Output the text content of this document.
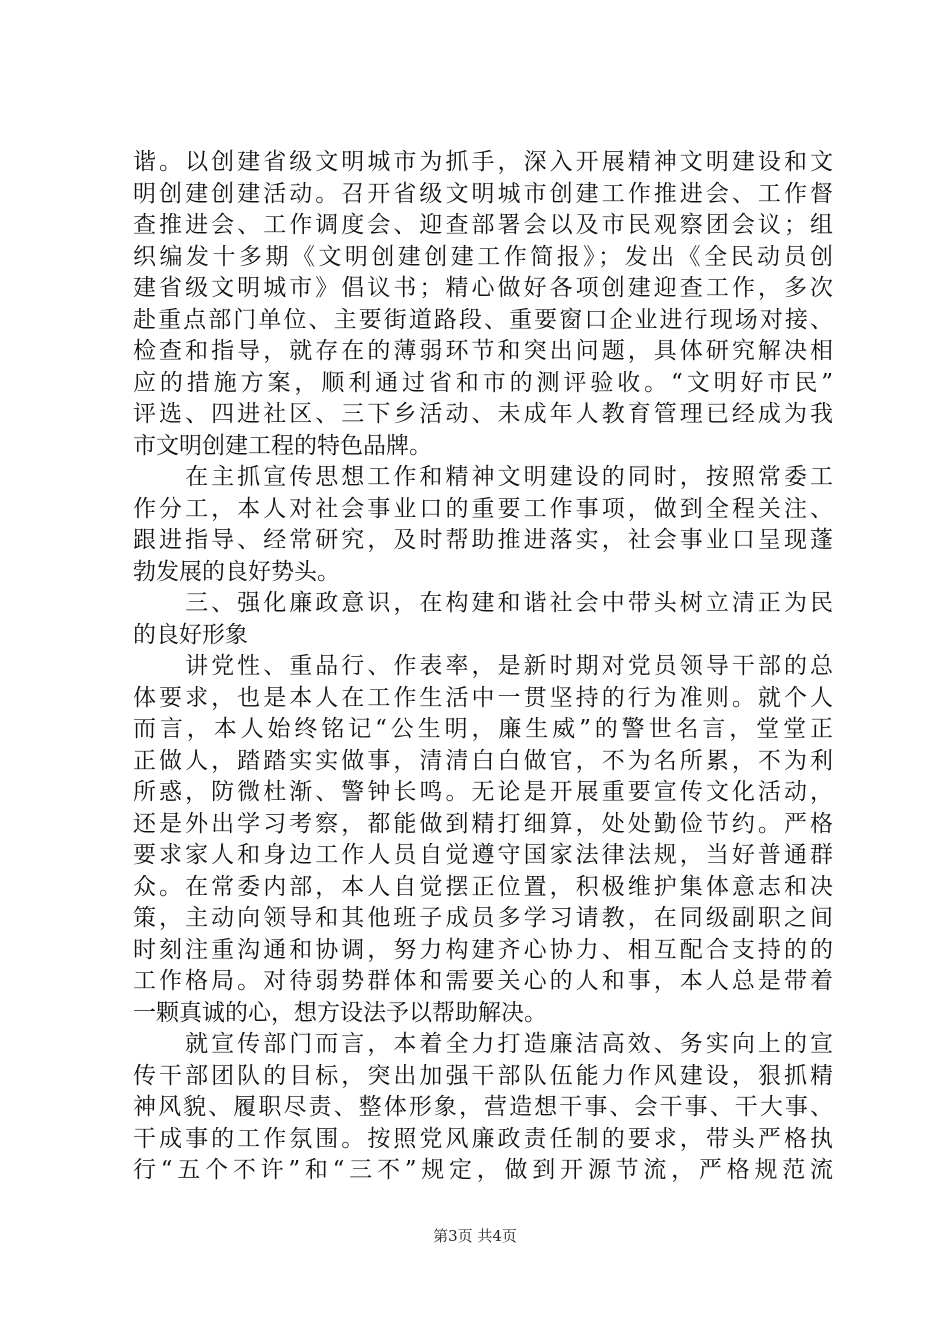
谐。以创建省级文明城市为抓手，深入开展精神文明建设和文
明创建创建活动。召开省级文明城市创建工作推进会、工作督
查推进会、工作调度会、迎查部署会以及市民观察团会议；组
织编发十多期《文明创建创建工作简报》；发出《全民动员创
建省级文明城市》倡议书；精心做好各项创建迎查工作，多次
赴重点部门单位、主要街道路段、重要窗口企业进行现场对接、
检查和指导，就存在的薄弱环节和突出问题，具体研究解决相
应的措施方案，顺利通过省和市的测评验收。“文明好市民”
评选、四进社区、三下乡活动、未成年人教育管理已经成为我
市文明创建工程的特色品牌。
　　在主抓宣传思想工作和精神文明建设的同时，按照常委工
作分工，本人对社会事业口的重要工作事项，做到全程关注、
跟进指导、经常研究，及时帮助推进落实，社会事业口呈现蓬
勃发展的良好势头。
　　三、强化廉政意识，在构建和谐社会中带头树立清正为民
的良好形象
　　讲党性、重品行、作表率，是新时期对党员领导干部的总
体要求，也是本人在工作生活中一贯坚持的行为准则。就个人
而言，本人始终铭记“公生明，廉生威”的警世名言，堂堂正
正做人，踏踏实实做事，清清白白做官，不为名所累，不为利
所惑，防微杜渐、警钟长鸣。无论是开展重要宣传文化活动，
还是外出学习考察，都能做到精打细算，处处勤俭节约。严格
要求家人和身边工作人员自觉遵守国家法律法规，当好普通群
众。在常委内部，本人自觉摆正位置，积极维护集体意志和决
策，主动向领导和其他班子成员多学习请教，在同级副职之间
时刻注重沟通和协调，努力构建齐心协力、相互配合支持的的
工作格局。对待弱势群体和需要关心的人和事，本人总是带着
一颗真诚的心，想方设法予以帮助解决。
　　就宣传部门而言，本着全力打造廉洁高效、务实向上的宣
传干部团队的目标，突出加强干部队伍能力作风建设，狠抓精
神风貌、履职尽责、整体形象，营造想干事、会干事、干大事、
干成事的工作氛围。按照党风廉政责任制的要求，带头严格执
行“五个不许”和“三不”规定，做到开源节流，严格规范流
第3页 共4页
